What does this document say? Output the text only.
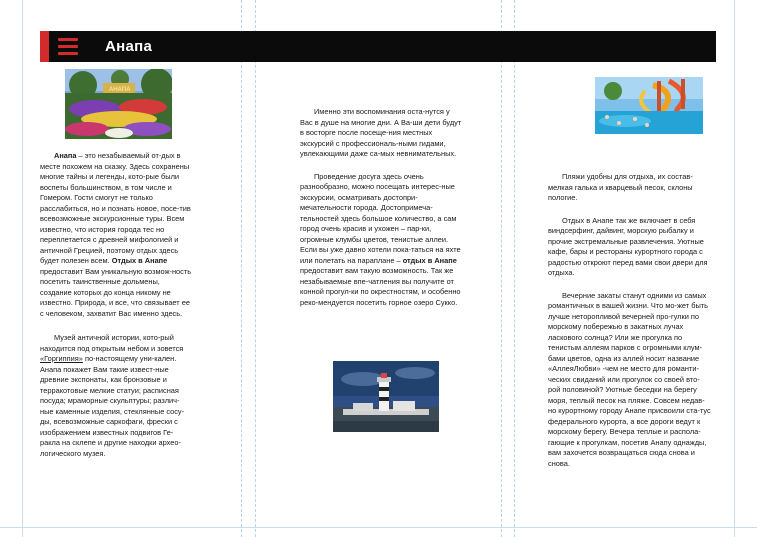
Анапа
АНАПА

Анапа – это незабываемый от-дых в месте похожем на сказку. Здесь сохранены многие тайны и легенды, кото-рые были воспеты большинством, в том числе и Гомером. Гости смогут не только расслабиться, но и познать новое, посе-тив всевозможные экскурсионные туры. Всем известно, что история города тес но переплетается с древней мифологией и античной Грецией, поэтому отдых здесь будет полезен всем. Отдых в Анапе предоставит Вам уникальную возмож-ность посетить таинственные дольмены, создание которых до конца никому не известно. Природа, и все, что связывает ее с человеком, захватит Вас именно здесь.

Музей античной истории, кото-рый находится под открытым небом и зовется «Горгиппия» по-настоящему уни-кален. Анапа покажет Вам такие извест-ные древние экспонаты, как бронзовые и терракотовые мелкие статуи; расписная посуда; мраморные скульптуры; различ-ные каменные изделия, стеклянные сосу-ды, всевозможные саркофаги, фрески с изображением известных подвигов Ге-ракла на склепе и другие находки архео-логического музея.

Именно эти воспоминания оста-нутся у Вас в душе на многие дни. А Ва-ши дети будут в восторге после посеще-ния местных экскурсий с профессиональ-ными гидами, увлекающими даже са-мых невнимательных.

Проведение досуга здесь очень разнообразно, можно посещать интерес-ные экскурсии, осматривать достопри-мечательности города. Достопримеча-тельностей здесь большое количество, а сам город очень красив и ухожен – пар-ки, огромные клумбы цветов, тенистые аллеи. Если вы уже давно хотели пока-таться на яхте или полетать на параплане – отдых в Анапе предоставит вам такую возможность. Так же незабываемые впе-чатления вы получите от конной прогул-ки по окрестностям, и особенно реко-мендуется посетить горное озеро Сукко.

Пляжи удобны для отдыха, их состав-мелкая галька и кварцевый песок, склоны пологие.

Отдых в Анапе так же включает в себя виндсерфинг, дайвинг, морскую рыбалку и прочие экстремальные развлечения. Уютные кафе, бары и рестораны курортного города с радостью откроют перед вами свои двери для отдыха.

Вечерние закаты станут одними из самых романтичных в вашей жизни. Что мо-жет быть лучше неторопливой вечерней про-гулки по морскому побережью в закатных лучах ласкового солнца? Или же прогулка по тенистым аллеям парков с огромными клум-бами цветов, одна из аллей носит название «АллеяЛюбви» -чем не место для романти-ческих свиданий или прогулок со своей вто-рой половиной? Уютные беседки на берегу моря, теплый песок на пляже. Совсем недав-но курортному городу Анапе присвоили ста-тус федерального курорта, а все дороги ведут к морскому берегу. Вечера теплые и распола-гающие к прогулкам, посетив Анапу однажды, вам захочется возвращаться сюда снова и снова.
